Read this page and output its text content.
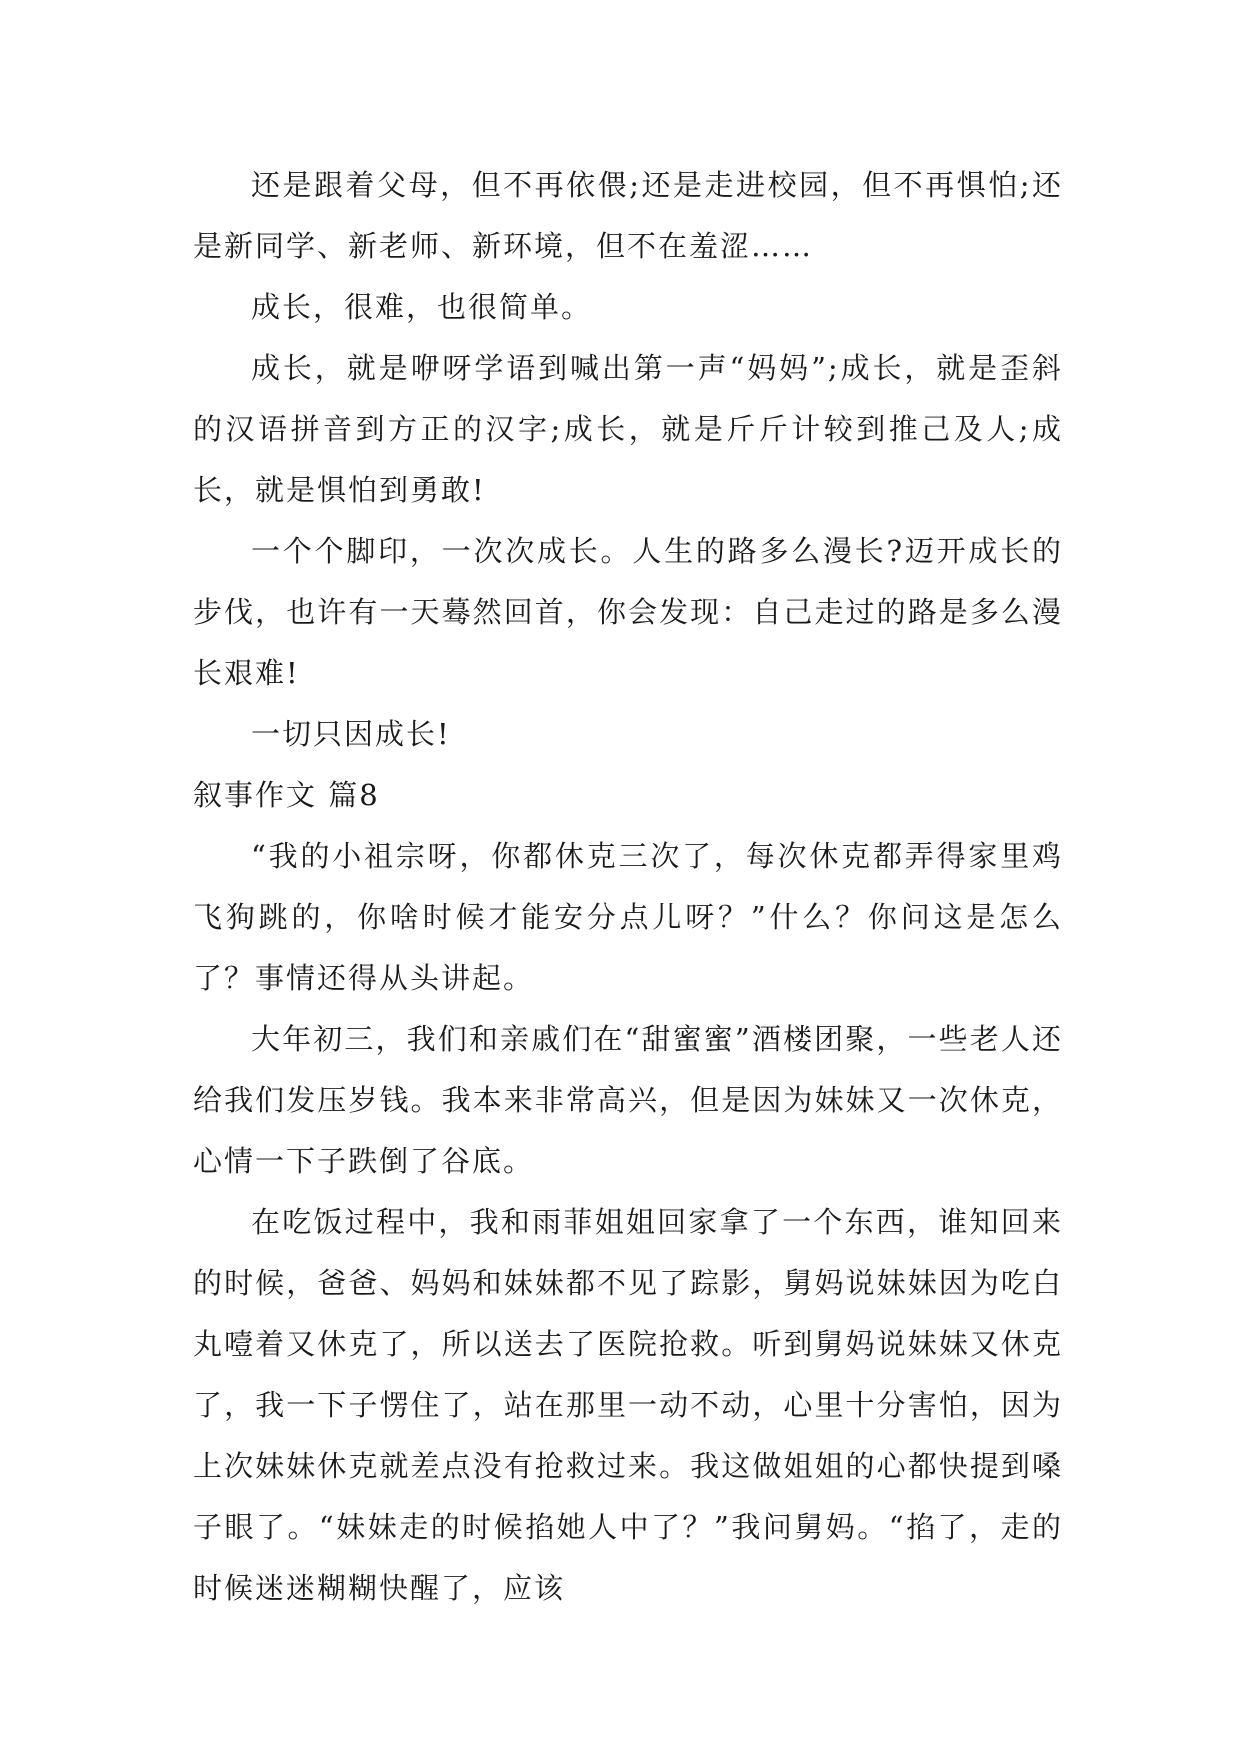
还是跟着父母，但不再依偎;还是走进校园，但不再惧怕;还是新同学、新老师、新环境，但不在羞涩……

成长，很难，也很简单。

成长，就是咿呀学语到喊出第一声“妈妈”;成长，就是歪斜的汉语拼音到方正的汉字;成长，就是斤斤计较到推己及人;成长，就是惧怕到勇敢!

一个个脚印，一次次成长。人生的路多么漫长?迈开成长的步伐，也许有一天蓦然回首，你会发现：自己走过的路是多么漫长艰难!

一切只因成长!

叙事作文 篇8

“我的小祖宗呀，你都休克三次了，每次休克都弄得家里鸡飞狗跳的，你啥时候才能安分点儿呀？”什么？你问这是怎么了？事情还得从头讲起。

大年初三，我们和亲戚们在“甜蜜蜜”酒楼团聚，一些老人还给我们发压岁钱。我本来非常高兴，但是因为妹妹又一次休克，心情一下子跌倒了谷底。

在吃饭过程中，我和雨菲姐姐回家拿了一个东西，谁知回来的时候，爸爸、妈妈和妹妹都不见了踪影，舅妈说妹妹因为吃白丸噎着又休克了，所以送去了医院抢救。听到舅妈说妹妹又休克了，我一下子愣住了，站在那里一动不动，心里十分害怕，因为上次妹妹休克就差点没有抢救过来。我这做姐姐的心都快提到嗓子眼了。“妹妹走的时候掐她人中了？”我问舅妈。“掐了，走的时候迷迷糊糊快醒了，应该
